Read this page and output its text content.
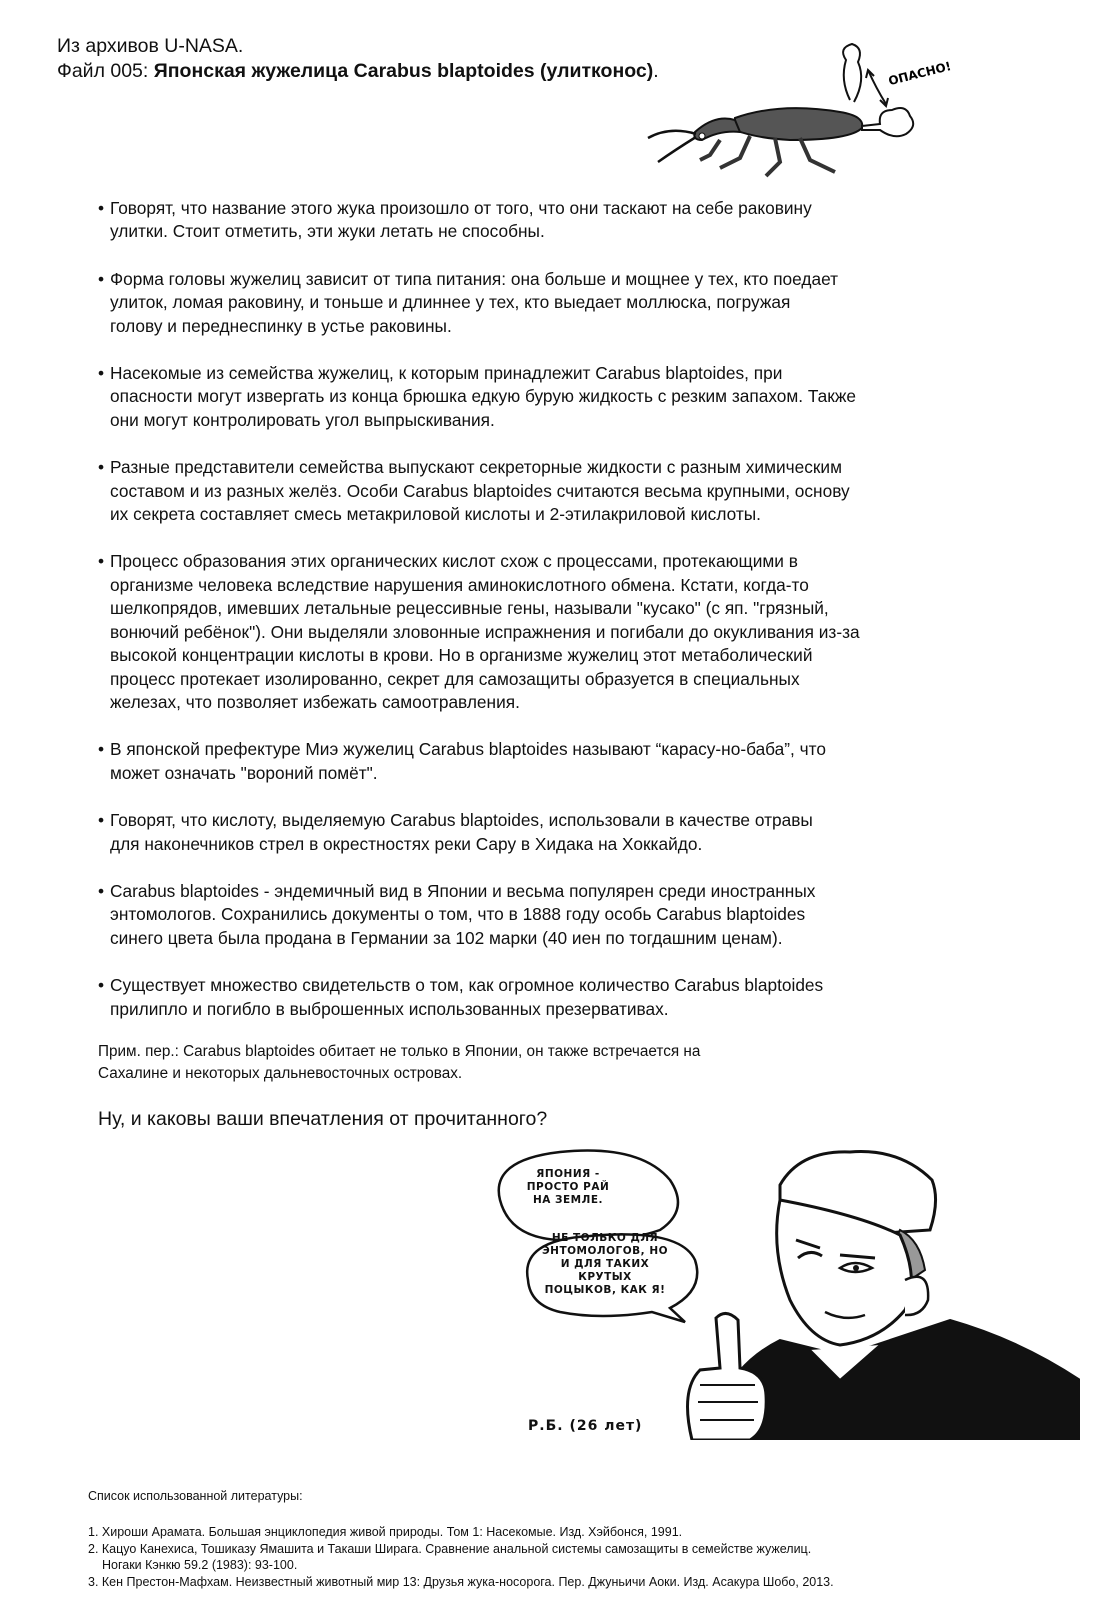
Из архивов U-NASA.
Файл 005: Японская жужелица Carabus blaptoides (улитконос).	ОПАСНО!
• Говорят, что название этого жука произошло от того, что они таскают на себе раковину
улитки. Стоит отметить, эти жуки летать не способны.
• Форма головы жужелиц зависит от типа питания: она больше и мощнее у тех, кто поедает
улиток, ломая раковину, и тоньше и длиннее у тех, кто выедает моллюска, погружая
голову и переднеспинку в устье раковины.
• Насекомые из семейства жужелиц, к которым принадлежит Carabus blaptoides, при
опасности могут извергать из конца брюшка едкую бурую жидкость с резким запахом. Также
они могут контролировать угол выпрыскивания.
• Разные представители семейства выпускают секреторные жидкости с разным химическим
составом и из разных желёз. Особи Carabus blaptoides считаются весьма крупными, основу
их секрета составляет смесь метакриловой кислоты и 2-этилакриловой кислоты.
• Процесс образования этих органических кислот схож с процессами, протекающими в
организме человека вследствие нарушения аминокислотного обмена. Кстати, когда-то
шелкопрядов, имевших летальные рецессивные гены, называли "кусако" (с яп. "грязный,
вонючий ребёнок"). Они выделяли зловонные испражнения и погибали до окукливания из-за
высокой концентрации кислоты в крови. Но в организме жужелиц этот метаболический
процесс протекает изолированно, секрет для самозащиты образуется в специальных
железах, что позволяет избежать самоотравления.
• В японской префектуре Миэ жужелиц Carabus blaptoides называют “карасу-но-баба”, что
может означать "вороний помёт".
• Говорят, что кислоту, выделяемую Carabus blaptoides, использовали в качестве отравы
для наконечников стрел в окрестностях реки Сару в Хидака на Хоккайдо.
• Carabus blaptoides - эндемичный вид в Японии и весьма популярен среди иностранных
энтомологов. Сохранились документы о том, что в 1888 году особь Carabus blaptoides
синего цвета была продана в Германии за 102 марки (40 иен по тогдашним ценам).
• Существует множество свидетельств о том, как огромное количество Carabus blaptoides
прилипло и погибло в выброшенных использованных презервативах.
Прим. пер.: Carabus blaptoides обитает не только в Японии, он также встречается на
Сахалине и некоторых дальневосточных островах.
Ну, и каковы ваши впечатления от прочитанного?
ЯПОНИЯ -
ПРОСТО РАЙ
НА ЗЕМЛЕ.
НЕ ТОЛЬКО ДЛЯ
ЭНТОМОЛОГОВ, НО
И ДЛЯ ТАКИХ КРУТЫХ
ПОЦЫКОВ, КАК Я!
Р.Б. (26 лет)
Список использованной литературы:
1. Хироши Арамата. Большая энциклопедия живой природы. Том 1: Насекомые. Изд. Хэйбонся, 1991.
2. Кацуо Канехиса, Тошиказу Ямашита и Такаши Ширага. Сравнение анальной системы самозащиты в семействе жужелиц.
Ногаки Кэнкю 59.2 (1983): 93-100.
3. Кен Престон-Мафхам. Неизвестный животный мир 13: Друзья жука-носорога. Пер. Джуньичи Аоки. Изд. Асакура Шобо, 2013.
